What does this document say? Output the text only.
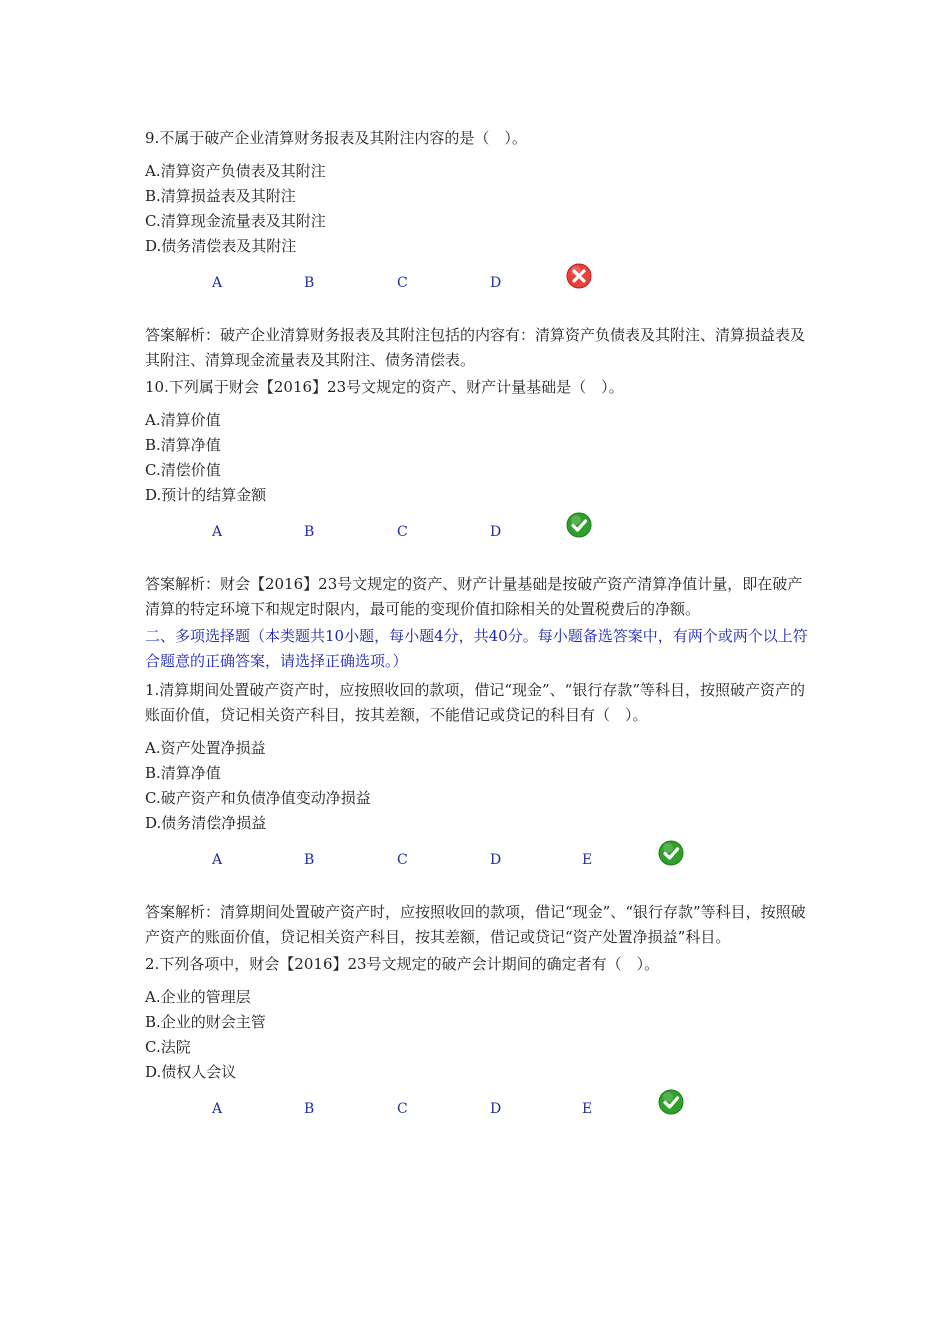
9.不属于破产企业清算财务报表及其附注内容的是（　）。

A.清算资产负债表及其附注

B.清算损益表及其附注

C.清算现金流量表及其附注

D.债务清偿表及其附注

A	B	C	D

答案解析：破产企业清算财务报表及其附注包括的内容有：清算资产负债表及其附注、清算损益表及其附注、清算现金流量表及其附注、债务清偿表。

10.下列属于财会【2016】23号文规定的资产、财产计量基础是（　）。

A.清算价值

B.清算净值

C.清偿价值

D.预计的结算金额

A	B	C	D

答案解析：财会【2016】23号文规定的资产、财产计量基础是按破产资产清算净值计量，即在破产清算的特定环境下和规定时限内，最可能的变现价值扣除相关的处置税费后的净额。

二、多项选择题（本类题共10小题，每小题4分，共40分。每小题备选答案中，有两个或两个以上符合题意的正确答案，请选择正确选项。）

1.清算期间处置破产资产时，应按照收回的款项，借记“现金”、“银行存款”等科目，按照破产资产的账面价值，贷记相关资产科目，按其差额，不能借记或贷记的科目有（　）。

A.资产处置净损益

B.清算净值

C.破产资产和负债净值变动净损益

D.债务清偿净损益

A	B	C	D	E

答案解析：清算期间处置破产资产时，应按照收回的款项，借记“现金”、“银行存款”等科目，按照破产资产的账面价值，贷记相关资产科目，按其差额，借记或贷记“资产处置净损益”科目。

2.下列各项中，财会【2016】23号文规定的破产会计期间的确定者有（　）。

A.企业的管理层

B.企业的财会主管

C.法院

D.债权人会议

A	B	C	D	E
